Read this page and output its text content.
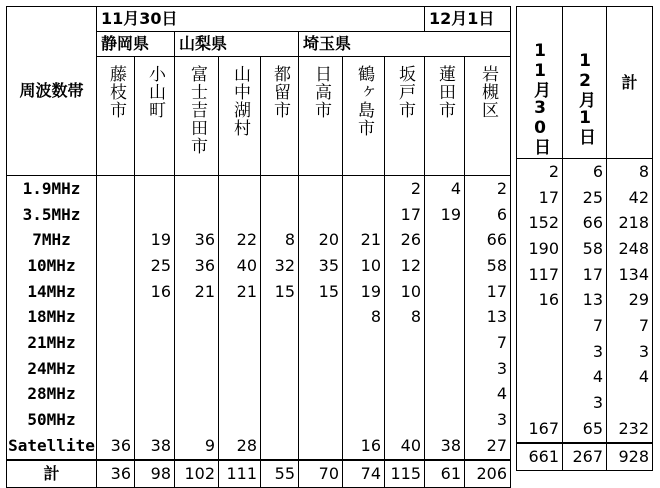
周波数帯	11月30日								12月1日	
	静岡県		山梨県			埼玉県				

	藤枝市	小山町	富士吉田市	山中湖村	都留市	日高市	鶴ヶ島市	坂戸市	蓮田市	岩槻区

1.9MHz								2	4	2
3.5MHz								17	19	6
7MHz		19	36	22	8	20	21	26		66
10MHz		25	36	40	32	35	10	12		58
14MHz		16	21	21	15	15	19	10		17
18MHz							8	8		13
21MHz										7
24MHz										3
28MHz										4
50MHz										3
Satellite	36	38	9	28			16	40	38	27
計	36	98	102	111	55	70	74	115	61	206
11月30日	12月1日	計
2	6	8
17	25	42
152	66	218
190	58	248
117	17	134
16	13	29
	7	7
	3	3
	4	4
	3	
167	65	232
661	267	928
